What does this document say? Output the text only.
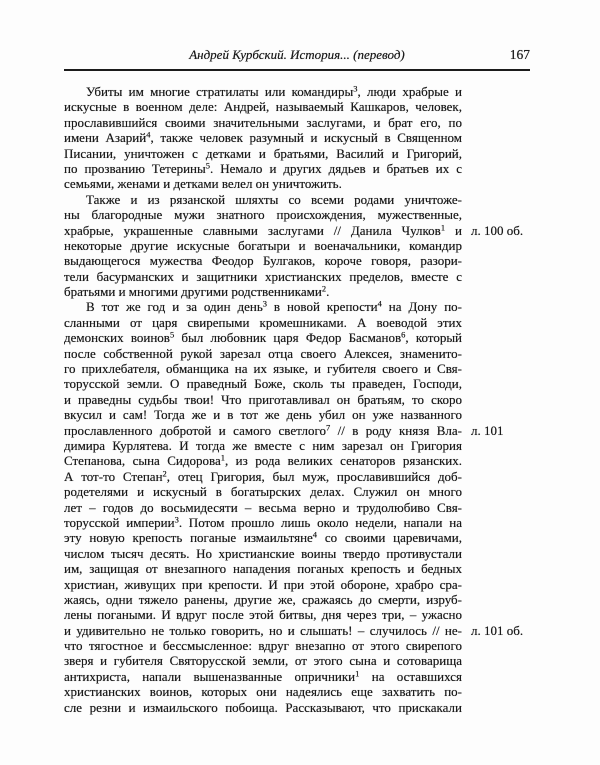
Андрей Курбский. История... (перевод)	167
Убиты им многие стратилаты или командиры$^3$, люди храбрые и
искусные в военном деле: Андрей, называемый Кашкаров, человек,
прославившийся своими значительными заслугами, и брат его, по
имени Азарий$^4$, также человек разумный и искусный в Священном
Писании, уничтожен с детками и братьями, Василий и Григорий,
по прозванию Тетерины$^5$. Немало и других дядьев и братьев их с
семьями, женами и детками велел он уничтожить.
Также и из рязанской шляхты со всеми родами уничтоже-
ны благородные мужи знатного происхождения, мужественные,
храбрые, украшенные славными заслугами // Данила Чулков$^1$ и
некоторые другие искусные богатыри и военачальники, командир
выдающегося мужества Феодор Булгаков, короче говоря, разори-
тели басурманских и защитники христианских пределов, вместе с
братьями и многими другими родственниками$^2$.
В тот же год и за один день$^3$ в новой крепости$^4$ на Дону по-
сланными от царя свирепыми кромешниками. А воеводой этих
демонских воинов$^5$ был любовник царя Федор Басманов$^6$, который
после собственной рукой зарезал отца своего Алексея, знаменито-
го прихлебателя, обманщика на их языке, и губителя своего и Свя-
торусской земли. О праведный Боже, сколь ты праведен, Господи,
и праведны судьбы твои! Что приготавливал он братьям, то скоро
вкусил и сам! Тогда же и в тот же день убил он уже названного
прославленного добротой и самого светлого$^7$ // в роду князя Вла-
димира Курлятева. И тогда же вместе с ним зарезал он Григория
Степанова, сына Сидорова$^1$, из рода великих сенаторов рязанских.
А тот-то Степан$^2$, отец Григория, был муж, прославившийся доб-
родетелями и искусный в богатырских делах. Служил он много
лет – годов до восьмидесяти – весьма верно и трудолюбиво Свя-
торусской империи$^3$. Потом прошло лишь около недели, напали на
эту новую крепость поганые измаильтяне$^4$ со своими царевичами,
числом тысяч десять. Но христианские воины твердо противустали
им, защищая от внезапного нападения поганых крепость и бедных
христиан, живущих при крепости. И при этой обороне, храбро сра-
жаясь, одни тяжело ранены, другие же, сражаясь до смерти, изруб-
лены погаными. И вдруг после этой битвы, дня через три, – ужасно
и удивительно не только говорить, но и слышать! – случилось // не-
что тягостное и бессмысленное: вдруг внезапно от этого свирепого
зверя и губителя Святорусской земли, от этого сына и сотоварища
антихриста, напали вышеназванные опричники$^1$ на оставшихся
христианских воинов, которых они надеялись еще захватить по-
сле резни и измаильского побоища. Рассказывают, что прискакали
л. 100 об.
л. 101
л. 101 об.
